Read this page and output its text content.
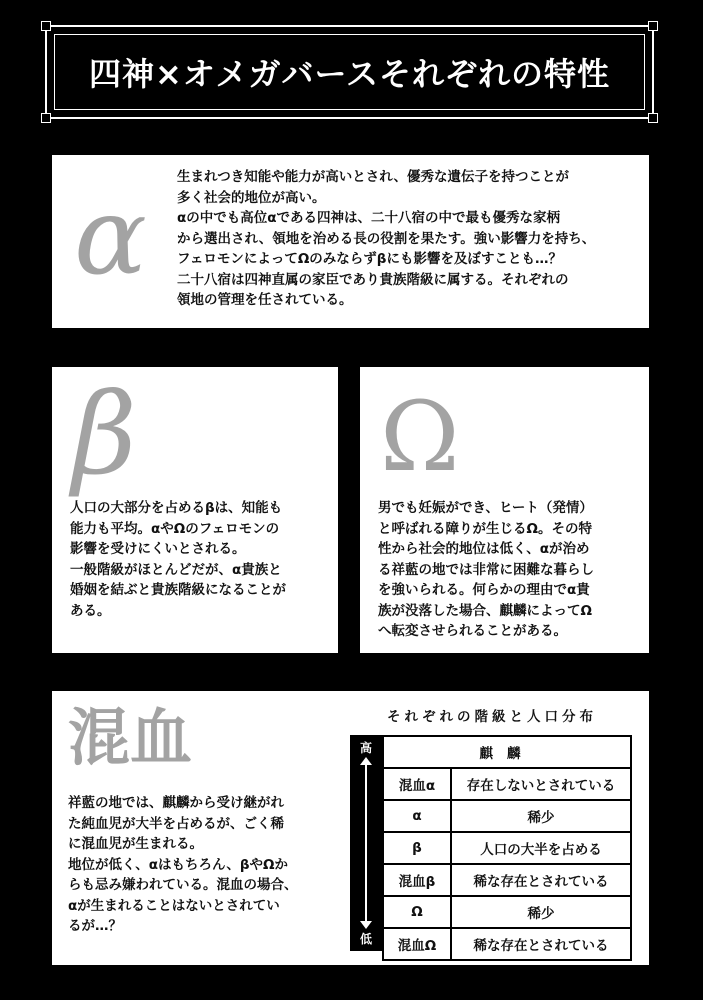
四神×オメガバースそれぞれの特性
α 生まれつき知能や能力が高いとされ、優秀な遺伝子を持つことが
多く社会的地位が高い。
αの中でも高位αである四神は、二十八宿の中で最も優秀な家柄
から選出され、領地を治める長の役割を果たす。強い影響力を持ち、
フェロモンによってΩのみならずβにも影響を及ぼすことも…？
二十八宿は四神直属の家臣であり貴族階級に属する。それぞれの
領地の管理を任されている。
β
人口の大部分を占めるβは、知能も
能力も平均。αやΩのフェロモンの
影響を受けにくいとされる。
一般階級がほとんどだが、α貴族と
婚姻を結ぶと貴族階級になることが
ある。
Ω
男でも妊娠ができ、ヒート（発情）
と呼ばれる障りが生じるΩ。その特
性から社会的地位は低く、αが治め
る祥藍の地では非常に困難な暮らし
を強いられる。何らかの理由でα貴
族が没落した場合、麒麟によってΩ
へ転変させられることがある。
混血
祥藍の地では、麒麟から受け継がれ
た純血児が大半を占めるが、ごく稀
に混血児が生まれる。
地位が低く、αはもちろん、βやΩか
らも忌み嫌われている。混血の場合、
αが生まれることはないとされてい
るが…？
それぞれの階級と人口分布
高
低
麒麟	
混血α	存在しないとされている
α	稀少
β	人口の大半を占める
混血β	稀な存在とされている
Ω	稀少
混血Ω	稀な存在とされている
